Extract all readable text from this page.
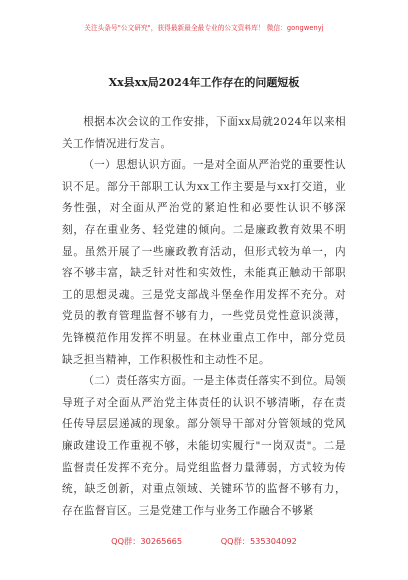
关注头条号"公文研究"，获得最新最全最专业的公文资料库！ 微信：gongwenyj
Xx县xx局2024年工作存在的问题短板

根据本次会议的工作安排，下面xx局就2024年以来相关工作情况进行发言。

（一）思想认识方面。一是对全面从严治党的重要性认识不足。部分干部职工认为xx工作主要是与xx打交道，业务性强，对全面从严治党的紧迫性和必要性认识不够深刻，存在重业务、轻党建的倾向。二是廉政教育效果不明显。虽然开展了一些廉政教育活动，但形式较为单一，内容不够丰富，缺乏针对性和实效性，未能真正触动干部职工的思想灵魂。三是党支部战斗堡垒作用发挥不充分。对党员的教育管理监督不够有力，一些党员党性意识淡薄，先锋模范作用发挥不明显。在林业重点工作中，部分党员缺乏担当精神，工作积极性和主动性不足。

（二）责任落实方面。一是主体责任落实不到位。局领导班子对全面从严治党主体责任的认识不够清晰，存在责任传导层层递减的现象。部分领导干部对分管领域的党风廉政建设工作重视不够，未能切实履行"一岗双责"。二是监督责任发挥不充分。局党组监督力量薄弱，方式较为传统，缺乏创新，对重点领域、关键环节的监督不够有力，存在监督盲区。三是党建工作与业务工作融合不够紧

QQ群：30265665	QQ群：535304092
